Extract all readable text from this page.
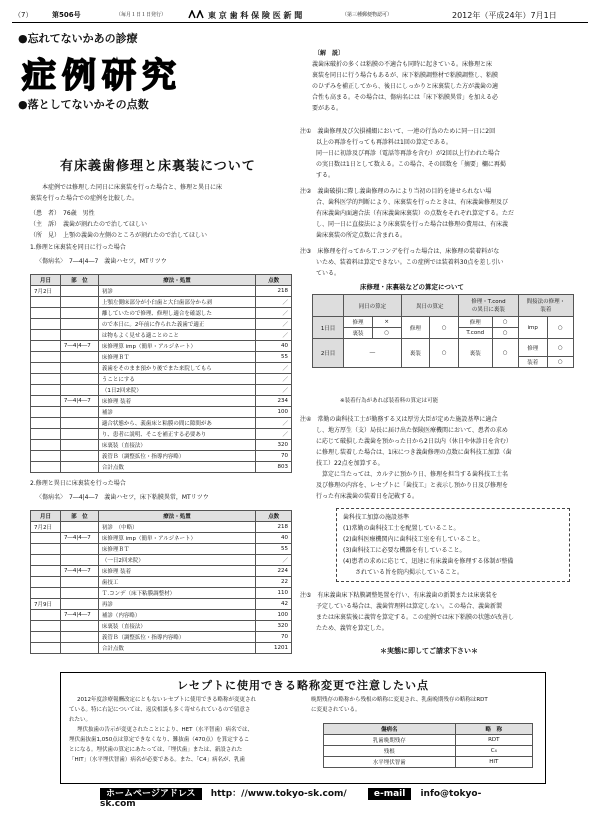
（7）	第506号	（毎月１日１日発行）	東 京 歯 科 保 険 医 新 聞	（第三種郵便物認可）	2012年（平成24年）7月1日
●忘れてないかあの診療
症例研究
●落としてないかその点数
有床義歯修理と床裏装について
本症例では修理した同日に床裏装を行った場合と、修理と異日に床
裏装を行った場合での症例を比較した。
（患　者）　76歳　男性
（主　訴）　義歯が割れたので治してほしい
（所　見）　上顎の義歯の左側のところが割れたので治してほしい
1.修理と床裏装を同日に行った場合
〈傷病名〉　7―4|4―7　義歯ハセツ，MTリツウ
月日	部　位	療法・処置	点数
7月2日		初診	218
		上顎左側床部分が小臼歯と大臼歯部分から剥	／
		離していたので修理、修理し適合を確認した	／
		ので本日に。2年前に作られた義歯で適正	／
		は物もよく見せる適ことのこと	／
	7―4|4―7	床修理算 imp（簡単・アルジネート）	40
		床修理ＢＴ	55
		義歯をそのまま預かり後でまた来院してもら	／
		うことにする	／
		（1日2回来院）	／
	7―4|4―7	床修理 装着	234
		補診	100
		適合状態から、義歯床と粘膜の間に隙間があ	／
		り、患者に説明、そこを補正する必要あり	／
		床裏装（直接法）	320
		義管Ｂ（調整拡位・指導内容略）	70
		合計点数	803
2.修理と異日に床裏装を行った場合
〈傷病名〉　7―4|4―7　義歯ハセツ，床下粘膜異常，MTリツウ
月日	部　位	療法・処置	点数
7月2日		初診　（中略）	218
	7―4|4―7	床修理算 imp（簡単・アルジネート）	40
		床修理ＢＴ	55
		（一日2回来院）	／
	7―4|4―7	床修理 装着	224
		歯技工	22
		Ｔ.コンデ（床下粘膜調整材）	110
7月9日		再診	42
	7―4|4―7	補診（内容略）	100
		床裏装（直接法）	320
		義管Ｂ（調整拡位・指導内容略）	70
		合計点数	1201
〔解　説〕
義歯床破折の多くは粘膜の不適合も同時に起きている。床修理と床
裏装を同日に行う場合もあるが、床下粘膜調整材で粘膜調整し、粘膜
のひずみを補正してから、後日にしっかりと床裏装した方が義歯の適
合性も高まる。その場合は、傷病名には「床下粘膜異常」を加える必
要がある。
注①　義歯修理及び欠損補綴において、一連の行為のために同一日に2回
以上の再診を行っても再診料は1回の算定である。
同一日に初診及び再診（電話等再診を含む）が2回以上行われた場合
の実日数は1日として数える。この場合、その回数を「摘要」欄に再掲
する。
注②　義歯破損に際し義歯修理のみにより当初の目的を達せられない場
合、歯科医学的判断により、床裏装を行ったときは、有床義歯修理及び
有床義歯内面適合法（有床義歯床裏装）の点数をそれぞれ算定する。ただ
し、同一日に直接法により床裏装を行った場合は修理の費用は、有床義
歯床裏装の所定点数に含まれる。
注③　床修理を行ってからＴ.コンデを行った場合は、床修理の装着料がな
いため、装着料は算定できない。この症例では装着料30点を差し引い
ている。
床修理・床裏装などの算定について
	同日の算定		異日の算定		修理・T.cond
の異日に裏装		間接法の修理・
装着	
1日目	修理	×	修理	○	修理	○	imp	○
	裏装	○			T.cond	○		
2日目	―		裏装	○	裏装	○	修理	○
							装着	○
※装着行為があれば装着料の算定は可能
注④　常勤の歯科技工士が勤務する又は厚労大臣が定めた施設基準に適合
し、地方厚生（支）局長に届け出た保険医療機関において、患者の求め
に応じて破損した義歯を預かった日から2日以内（休日や休診日を含む）
に修理し装着した場合は、1床につき義歯修理の点数に歯科技工加算（歯
技工）22点を加算する。
算定に当たっては、カルテに預かり日、修理を担当する歯科技工士名
及び修理の内容を、レセプトに「歯技工」と表示し預かり日及び修理を
行った有床義歯の装着日を記載する。
歯科技工加算の施設基準
(1)常勤の歯科技工士を配置していること。
(2)歯科医療機関内に歯科技工室を有していること。
(3)歯科技工に必要な機器を有していること。
(4)患者の求めに応じて、迅速に有床義歯を修理する体制が整備
されている旨を院内掲示していること。
注⑤　有床義歯床下粘膜調整処置を行い、有床義歯の新製または床裏装を
予定している場合は、義歯管理料は算定しない。この場合、義歯新製
または床裏装後に義管を算定する。この症例では床下粘膜の状態が改善し
たため、義管を算定した。
＊実態に即してご請求下さい＊
レセプトに使用できる略称変更で注意したい点
2012年度診療報酬改定にともないレセプトに使用できる略称が変更され
ている。特に右記については、返戻相談も多く寄せられているので留意さ
れたい。
埋伏抜歯の告示が変更されたことにより、HET（水平智歯）病名では、
埋伏歯抜歯1,050点は算定できなくなり、難抜歯（470点）を算定するこ
とになる。埋伏歯の算定にあたっては、「埋伏歯」または、新設された
「HIT」（水平埋伏智歯）病名が必要である。また、「C4」病名が、乳歯
晩期残存の略称から残根の略称に変更され、乳歯晩期残存の略称はRDT
に変更されている。
傷病名	略　称
乳歯晩期残存	RDT
残根	C₄
水平埋伏智歯	HIT
ホームページアドレス http：//www.tokyo-sk.com/	e-mail info@tokyo-sk.com
